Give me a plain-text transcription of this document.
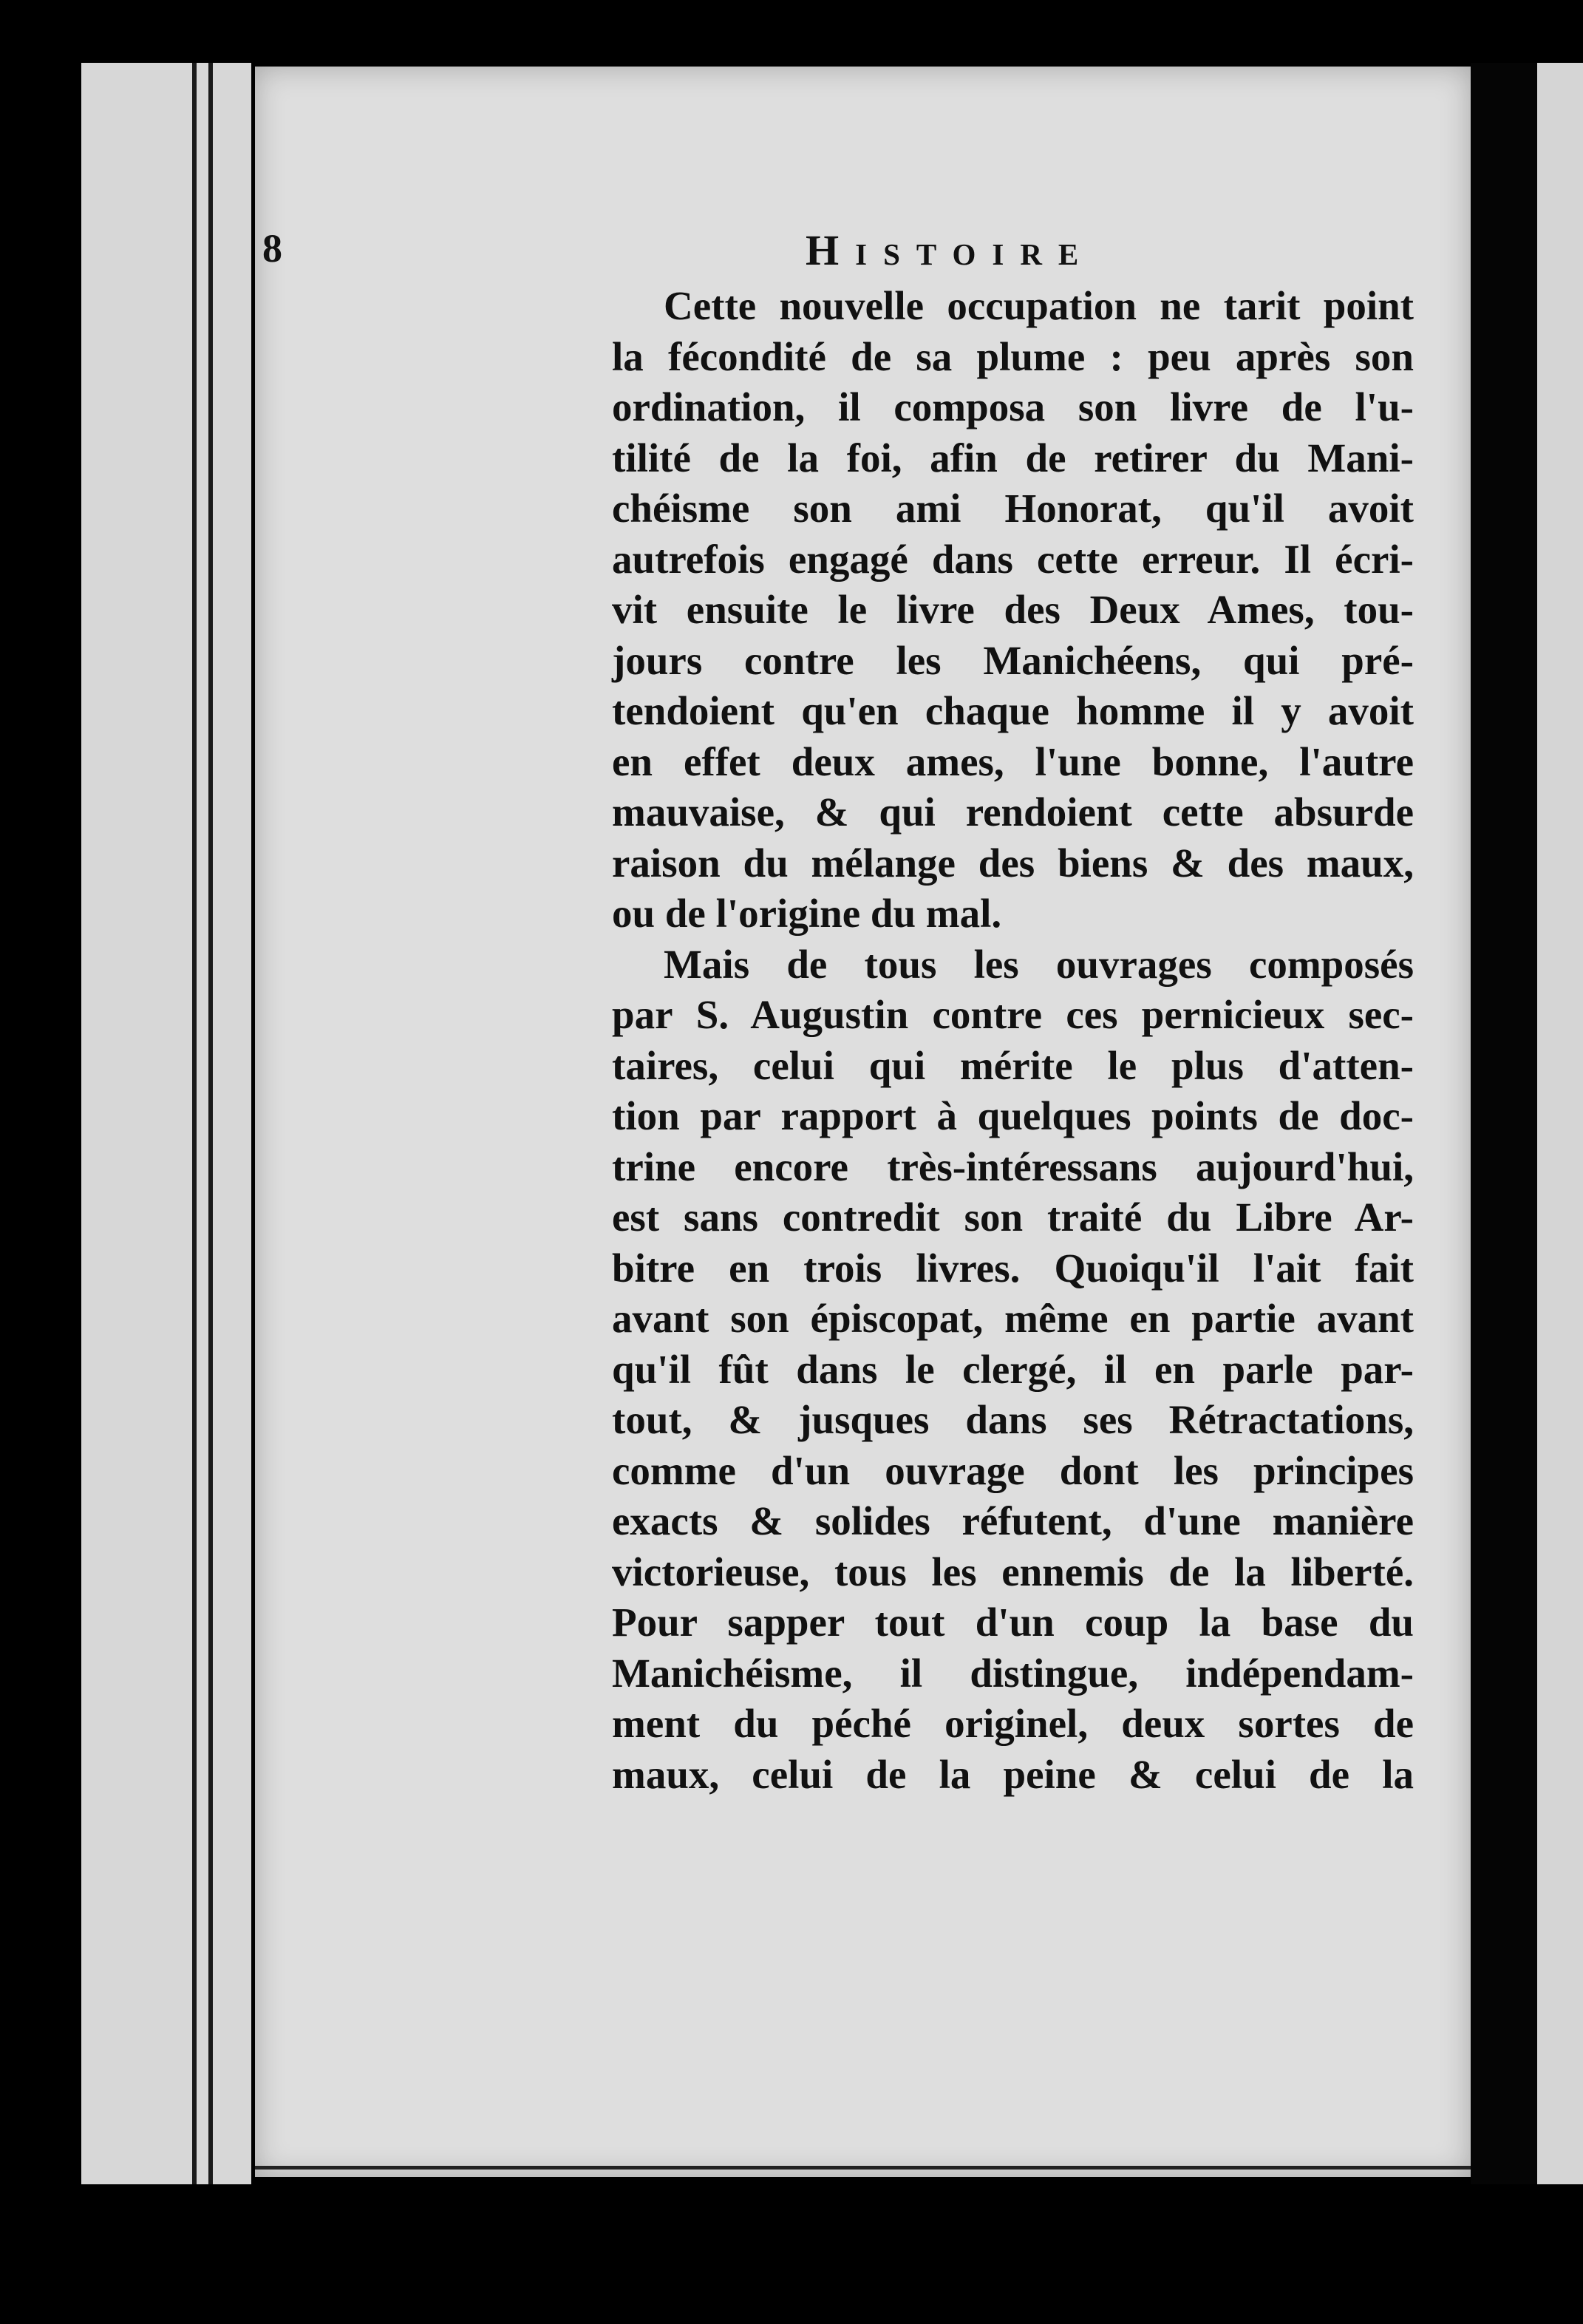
8	Histoire
Cette nouvelle occupation ne tarit point
la fécondité de sa plume : peu après son
ordination, il composa son livre de l'u-
tilité de la foi, afin de retirer du Mani-
chéisme son ami Honorat, qu'il avoit
autrefois engagé dans cette erreur. Il écri-
vit ensuite le livre des Deux Ames, tou-
jours contre les Manichéens, qui pré-
tendoient qu'en chaque homme il y avoit
en effet deux ames, l'une bonne, l'autre
mauvaise, & qui rendoient cette absurde
raison du mélange des biens & des maux,
ou de l'origine du mal.
Mais de tous les ouvrages composés
par S. Augustin contre ces pernicieux sec-
taires, celui qui mérite le plus d'atten-
tion par rapport à quelques points de doc-
trine encore très-intéressans aujourd'hui,
est sans contredit son traité du Libre Ar-
bitre en trois livres. Quoiqu'il l'ait fait
avant son épiscopat, même en partie avant
qu'il fût dans le clergé, il en parle par-
tout, & jusques dans ses Rétractations,
comme d'un ouvrage dont les principes
exacts & solides réfutent, d'une manière
victorieuse, tous les ennemis de la liberté.
Pour sapper tout d'un coup la base du
Manichéisme, il distingue, indépendam-
ment du péché originel, deux sortes de
maux, celui de la peine & celui de la
